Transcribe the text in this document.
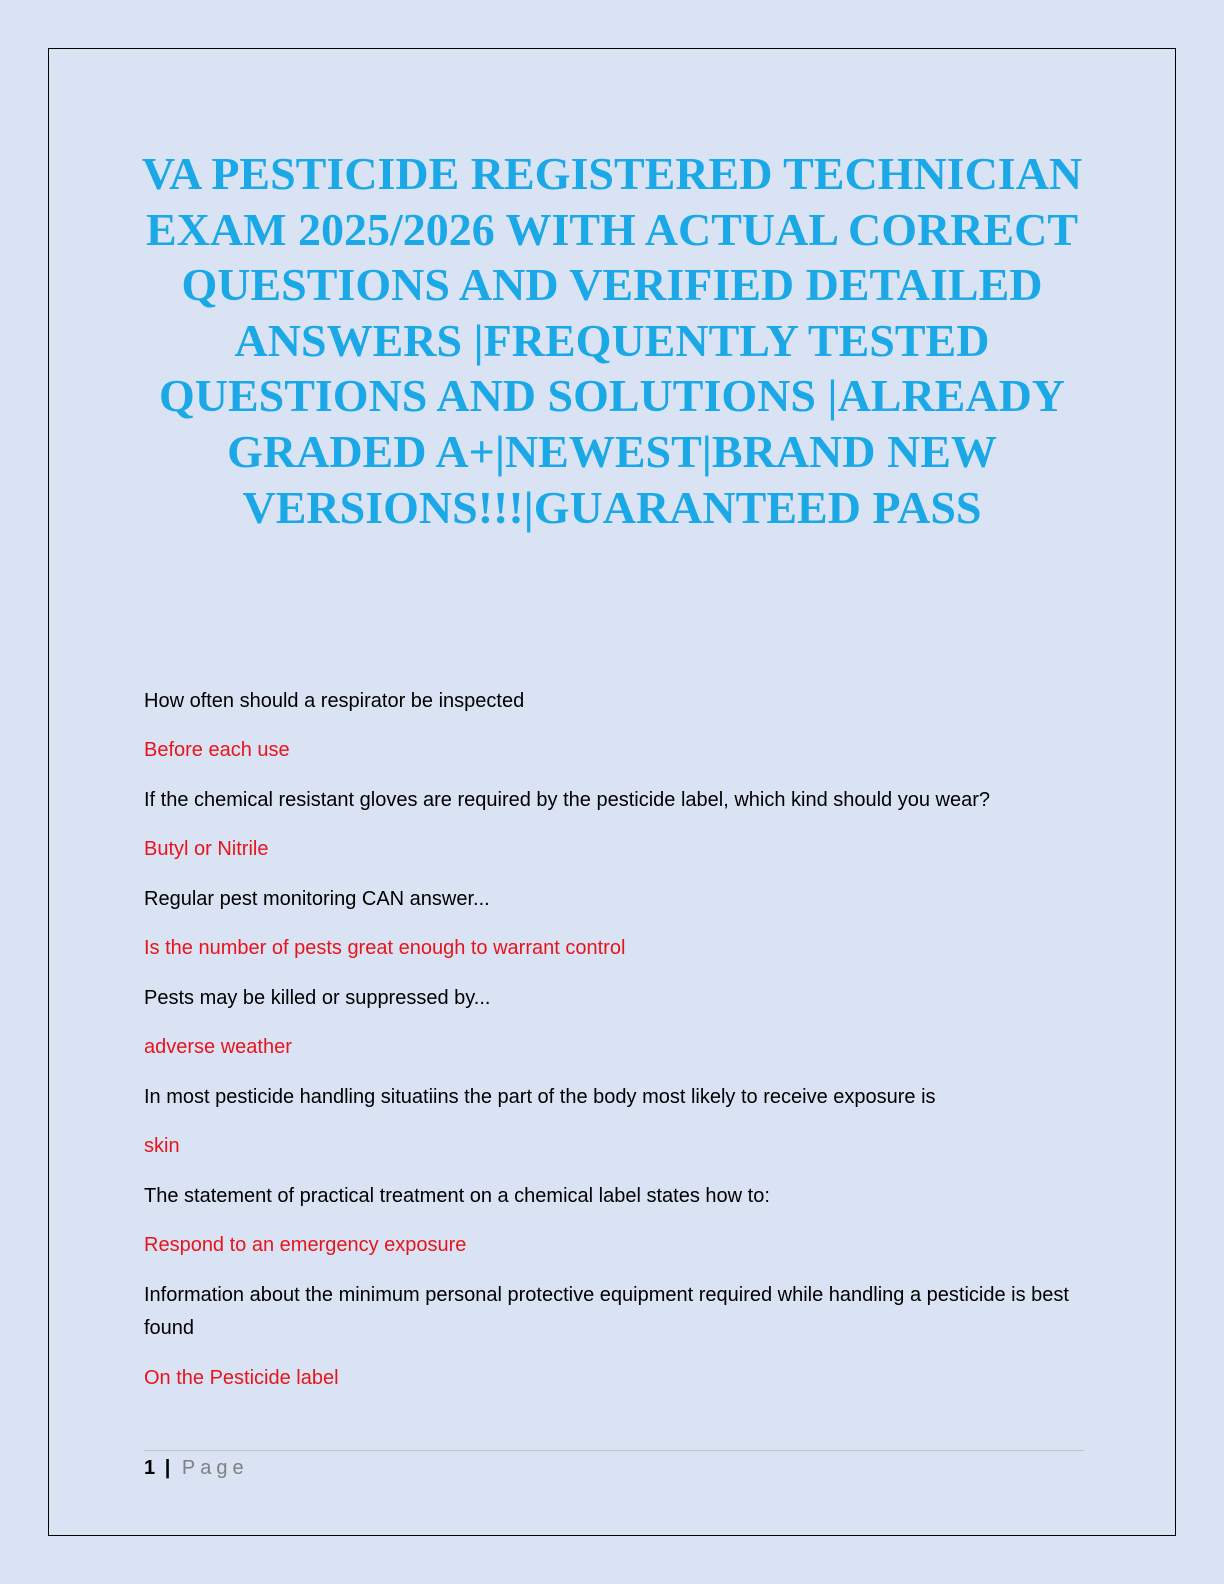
VA PESTICIDE REGISTERED TECHNICIAN EXAM 2025/2026 WITH ACTUAL CORRECT QUESTIONS AND VERIFIED DETAILED ANSWERS |FREQUENTLY TESTED QUESTIONS AND SOLUTIONS |ALREADY GRADED A+|NEWEST|BRAND NEW VERSIONS!!!|GUARANTEED PASS

How often should a respirator be inspected

Before each use

If the chemical resistant gloves are required by the pesticide label, which kind should you wear?

Butyl or Nitrile

Regular pest monitoring CAN answer...

Is the number of pests great enough to warrant control

Pests may be killed or suppressed by...

adverse weather

In most pesticide handling situatiins the part of the body most likely to receive exposure is

skin

The statement of practical treatment on a chemical label states how to:

Respond to an emergency exposure

Information about the minimum personal protective equipment required while handling a pesticide is best found

On the Pesticide label

1 | Page
